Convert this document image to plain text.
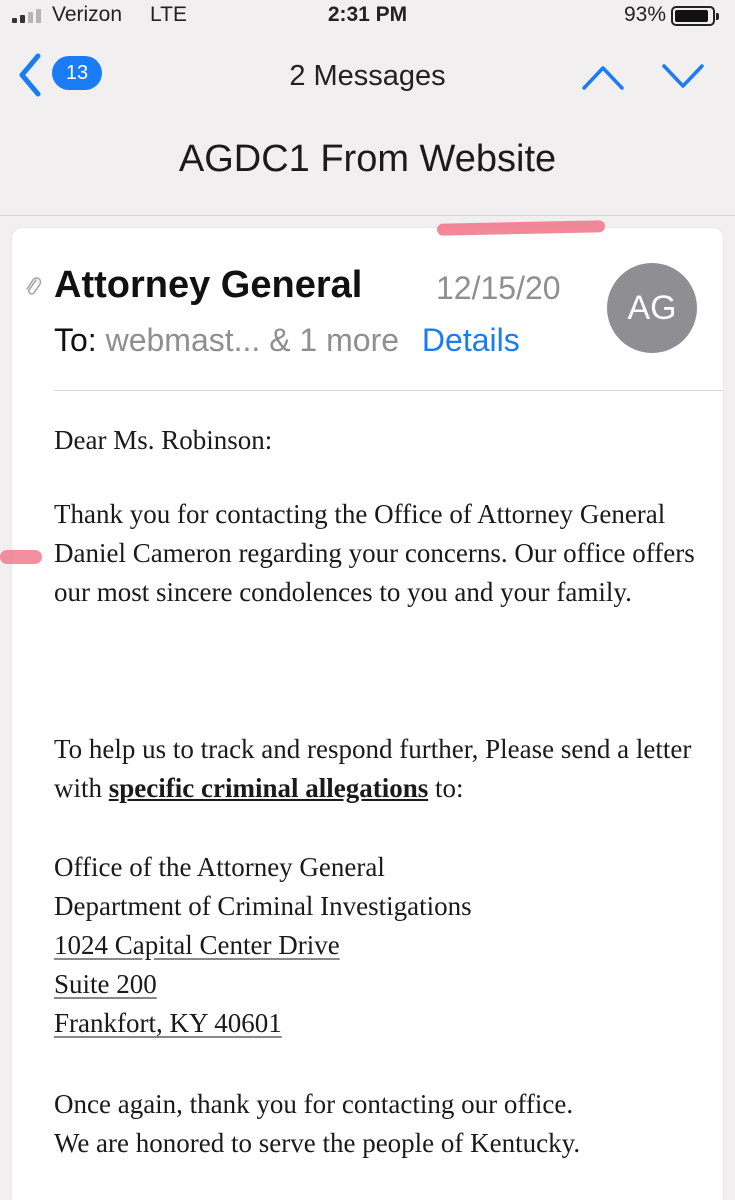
Verizon LTE	2:31 PM	93%
13	2 Messages
AGDC1 From Website
Attorney General 12/15/20
To: webmast... & 1 more Details
AG
Dear Ms. Robinson:
Thank you for contacting the Office of Attorney General Daniel Cameron regarding your concerns. Our office offers our most sincere condolences to you and your family.
To help us to track and respond further, Please send a letter with specific criminal allegations to:
Office of the Attorney General
Department of Criminal Investigations
1024 Capital Center Drive
Suite 200
Frankfort, KY 40601
Once again, thank you for contacting our office.
We are honored to serve the people of Kentucky.
